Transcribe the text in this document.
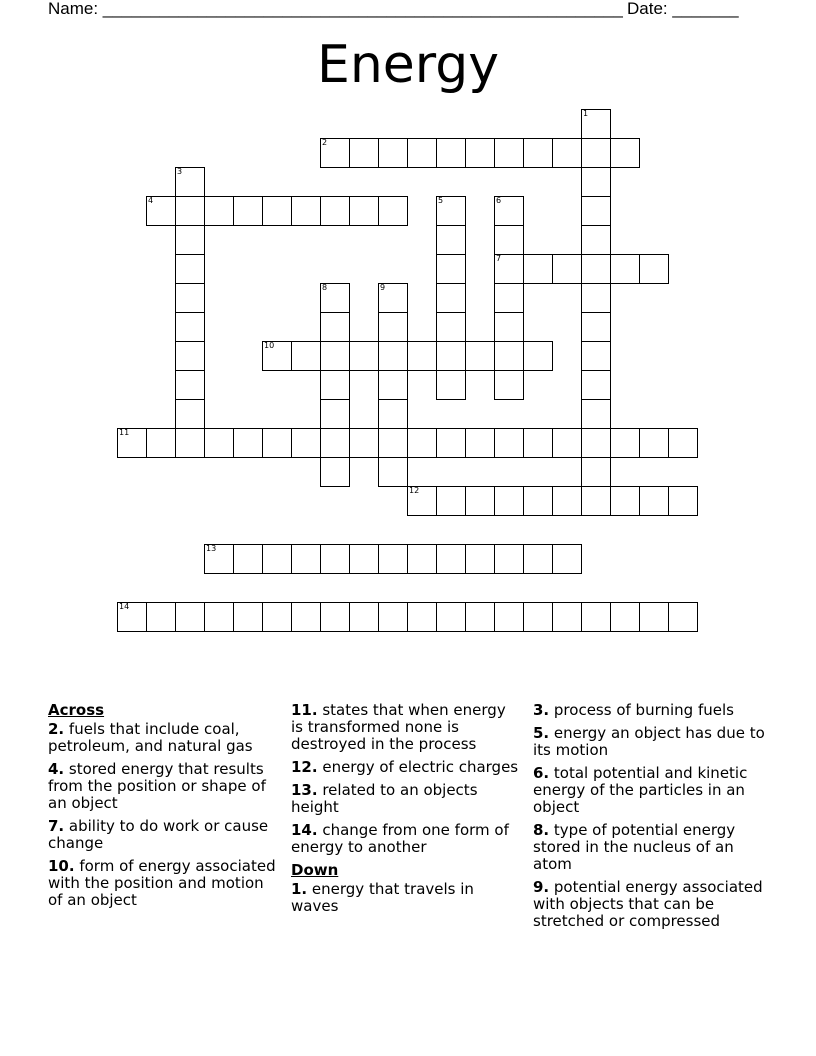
Name: _______________________________________________________ Date: _______
Energy
1
2
3
4	5	6
7
8	9
10
11
12
13
14
Across
2. fuels that include coal, petroleum, and natural gas
4. stored energy that results from the position or shape of an object
7. ability to do work or cause change
10. form of energy associated with the position and motion of an object
11. states that when energy is transformed none is destroyed in the process
12. energy of electric charges
13. related to an objects height
14. change from one form of energy to another
Down
1. energy that travels in waves
3. process of burning fuels
5. energy an object has due to its motion
6. total potential and kinetic energy of the particles in an object
8. type of potential energy stored in the nucleus of an atom
9. potential energy associated with objects that can be stretched or compressed
